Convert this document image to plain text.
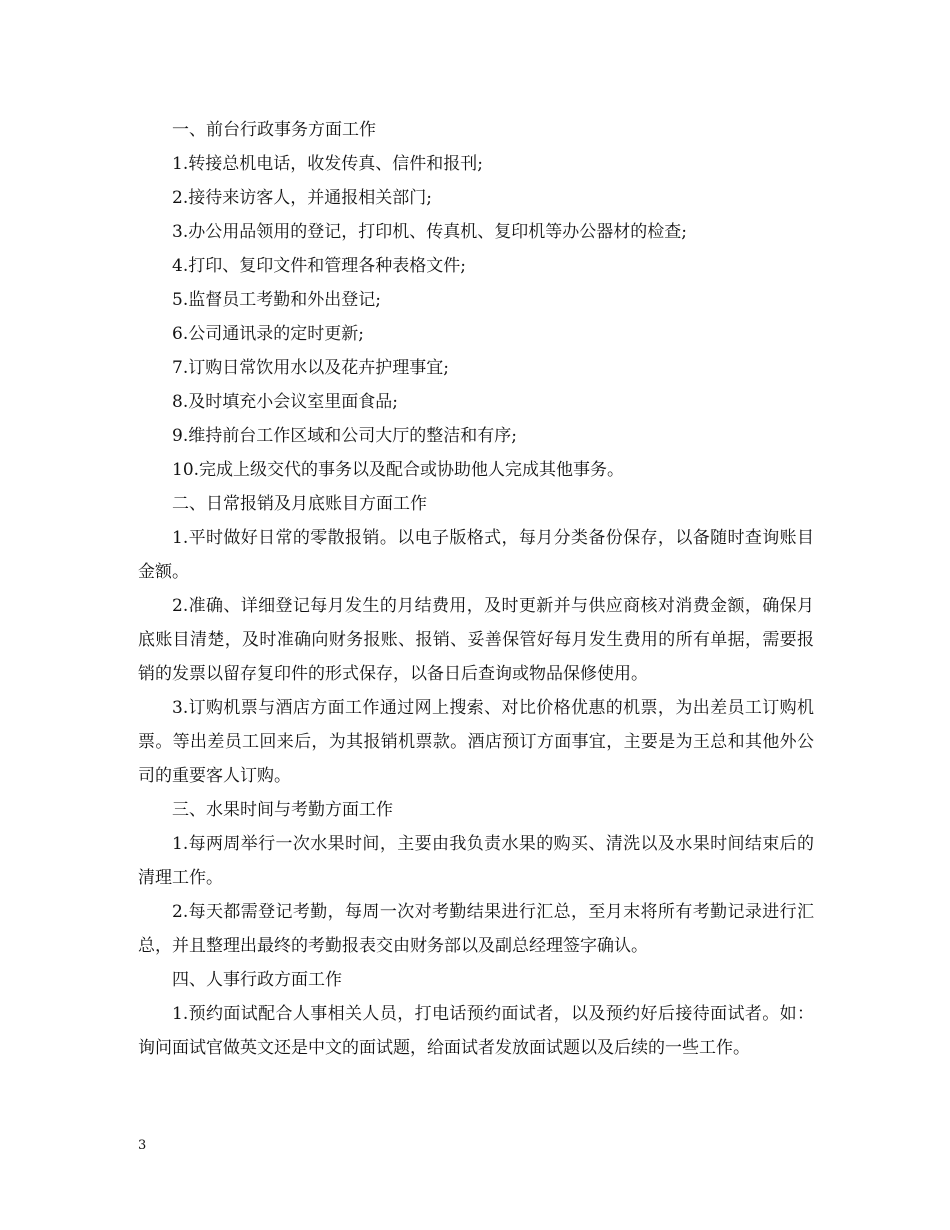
一、前台行政事务方面工作

1.转接总机电话，收发传真、信件和报刊;

2.接待来访客人，并通报相关部门;

3.办公用品领用的登记，打印机、传真机、复印机等办公器材的检查;

4.打印、复印文件和管理各种表格文件;

5.监督员工考勤和外出登记;

6.公司通讯录的定时更新;

7.订购日常饮用水以及花卉护理事宜;

8.及时填充小会议室里面食品;

9.维持前台工作区域和公司大厅的整洁和有序;

10.完成上级交代的事务以及配合或协助他人完成其他事务。

二、日常报销及月底账目方面工作

1.平时做好日常的零散报销。以电子版格式，每月分类备份保存，以备随时查询账目金额。

2.准确、详细登记每月发生的月结费用，及时更新并与供应商核对消费金额，确保月底账目清楚，及时准确向财务报账、报销、妥善保管好每月发生费用的所有单据，需要报销的发票以留存复印件的形式保存，以备日后查询或物品保修使用。

3.订购机票与酒店方面工作通过网上搜索、对比价格优惠的机票，为出差员工订购机票。等出差员工回来后，为其报销机票款。酒店预订方面事宜，主要是为王总和其他外公司的重要客人订购。

三、水果时间与考勤方面工作

1.每两周举行一次水果时间，主要由我负责水果的购买、清洗以及水果时间结束后的清理工作。

2.每天都需登记考勤，每周一次对考勤结果进行汇总，至月末将所有考勤记录进行汇总，并且整理出最终的考勤报表交由财务部以及副总经理签字确认。

四、人事行政方面工作

1.预约面试配合人事相关人员，打电话预约面试者，以及预约好后接待面试者。如：询问面试官做英文还是中文的面试题，给面试者发放面试题以及后续的一些工作。

3
